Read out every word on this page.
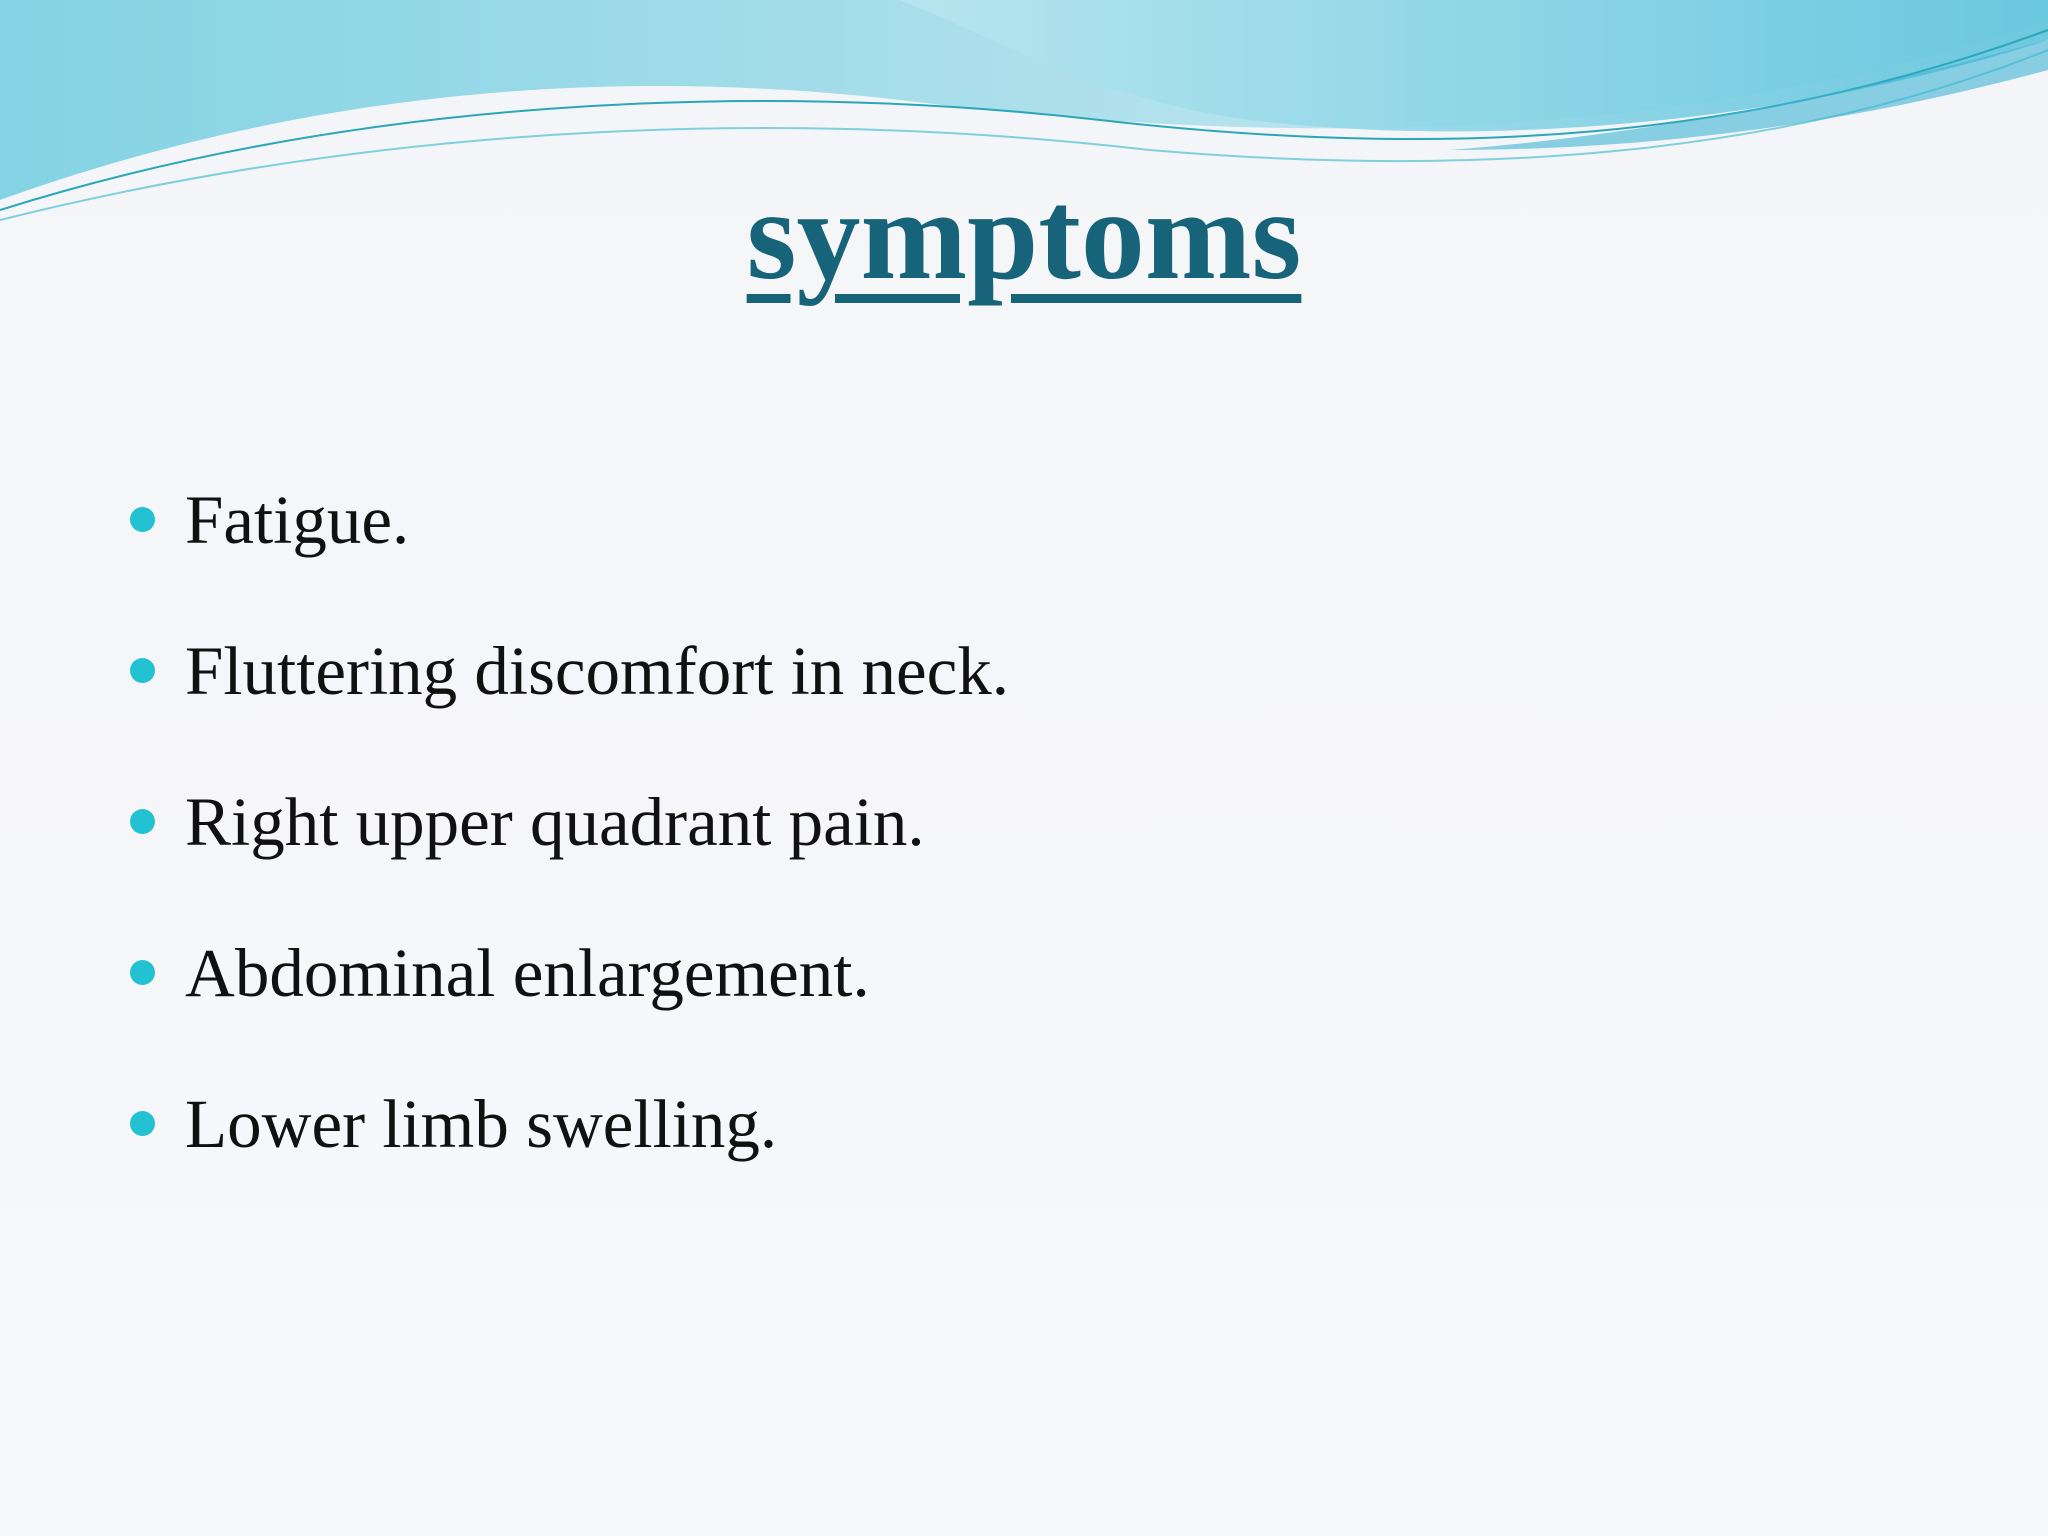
symptoms
Fatigue.
Fluttering discomfort in neck.
Right upper quadrant pain.
Abdominal enlargement.
Lower limb swelling.
